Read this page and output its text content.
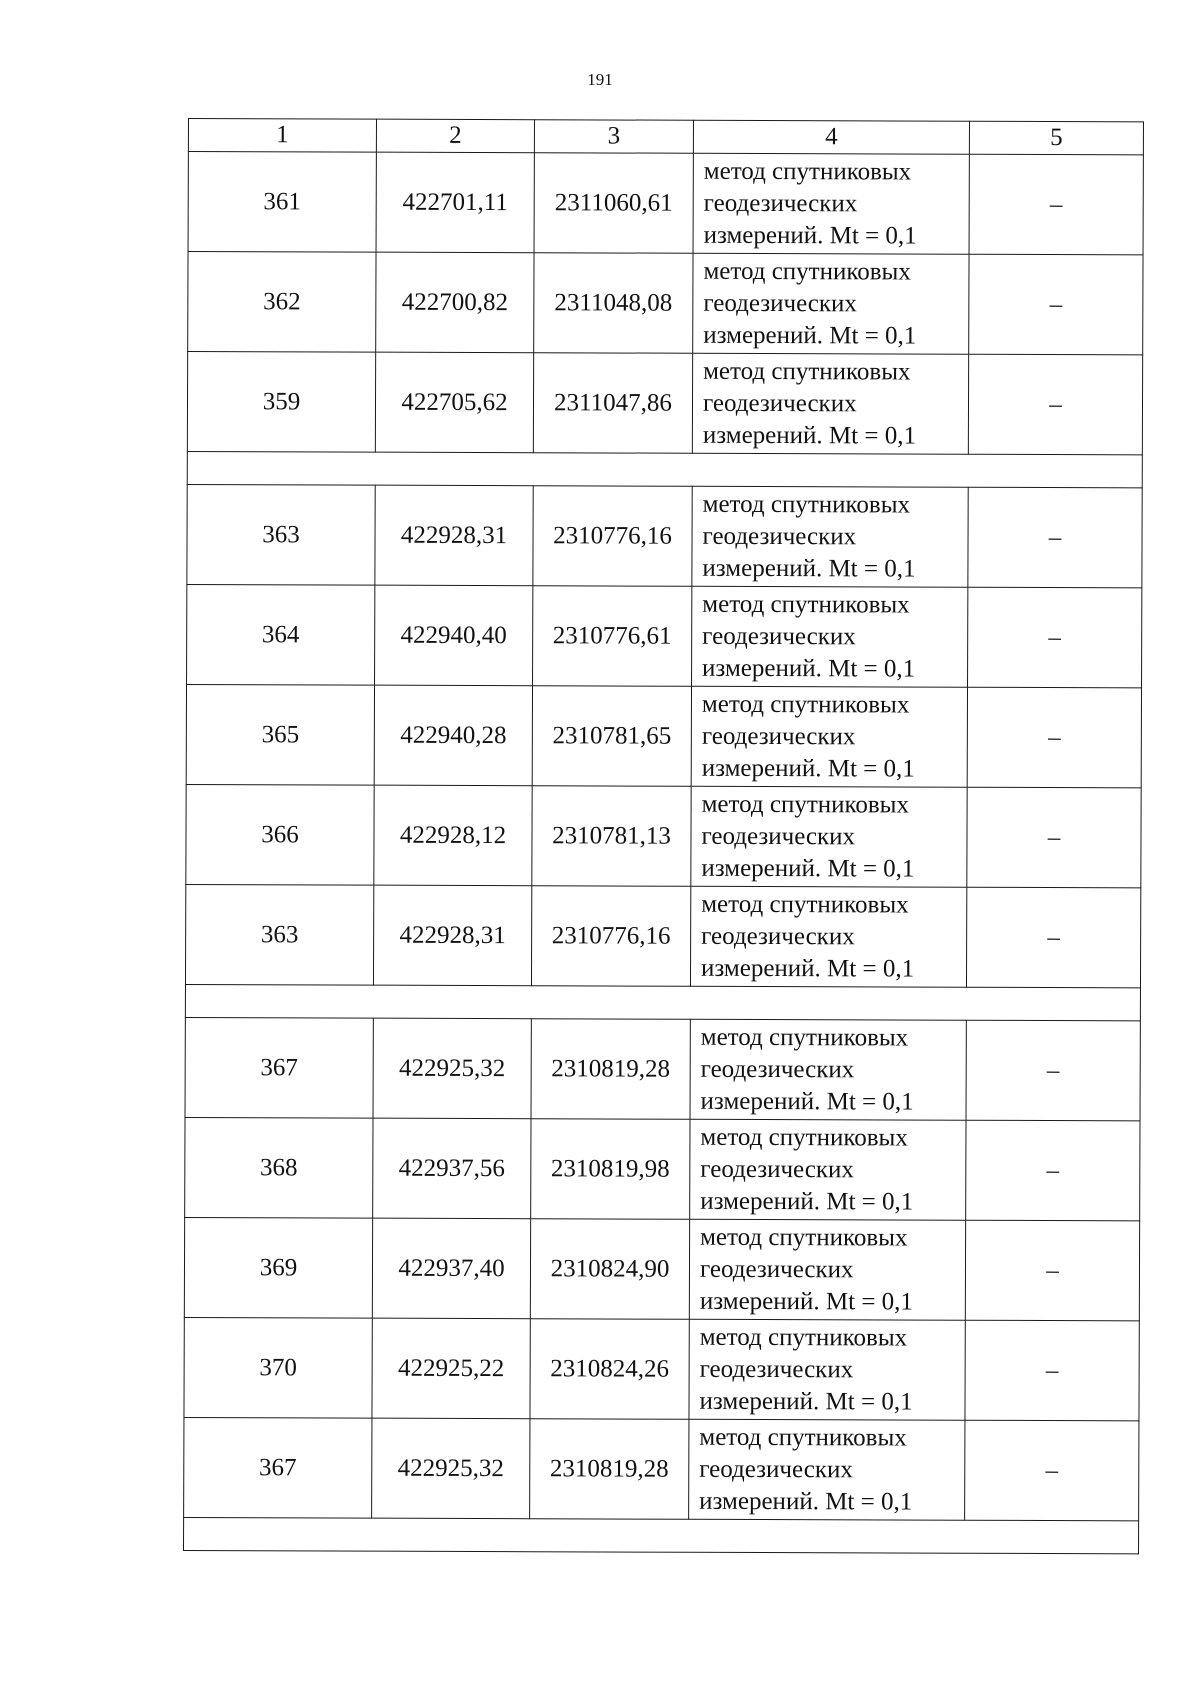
191
1	2	3	4	5
361	422701,11	2311060,61	метод спутниковых
геодезических
измерений. Mt = 0,1	–
362	422700,82	2311048,08	метод спутниковых
геодезических
измерений. Mt = 0,1	–
359	422705,62	2311047,86	метод спутниковых
геодезических
измерений. Mt = 0,1	–

363	422928,31	2310776,16	метод спутниковых
геодезических
измерений. Mt = 0,1	–
364	422940,40	2310776,61	метод спутниковых
геодезических
измерений. Mt = 0,1	–
365	422940,28	2310781,65	метод спутниковых
геодезических
измерений. Mt = 0,1	–
366	422928,12	2310781,13	метод спутниковых
геодезических
измерений. Mt = 0,1	–
363	422928,31	2310776,16	метод спутниковых
геодезических
измерений. Mt = 0,1	–

367	422925,32	2310819,28	метод спутниковых
геодезических
измерений. Mt = 0,1	–
368	422937,56	2310819,98	метод спутниковых
геодезических
измерений. Mt = 0,1	–
369	422937,40	2310824,90	метод спутниковых
геодезических
измерений. Mt = 0,1	–
370	422925,22	2310824,26	метод спутниковых
геодезических
измерений. Mt = 0,1	–
367	422925,32	2310819,28	метод спутниковых
геодезических
измерений. Mt = 0,1	–
